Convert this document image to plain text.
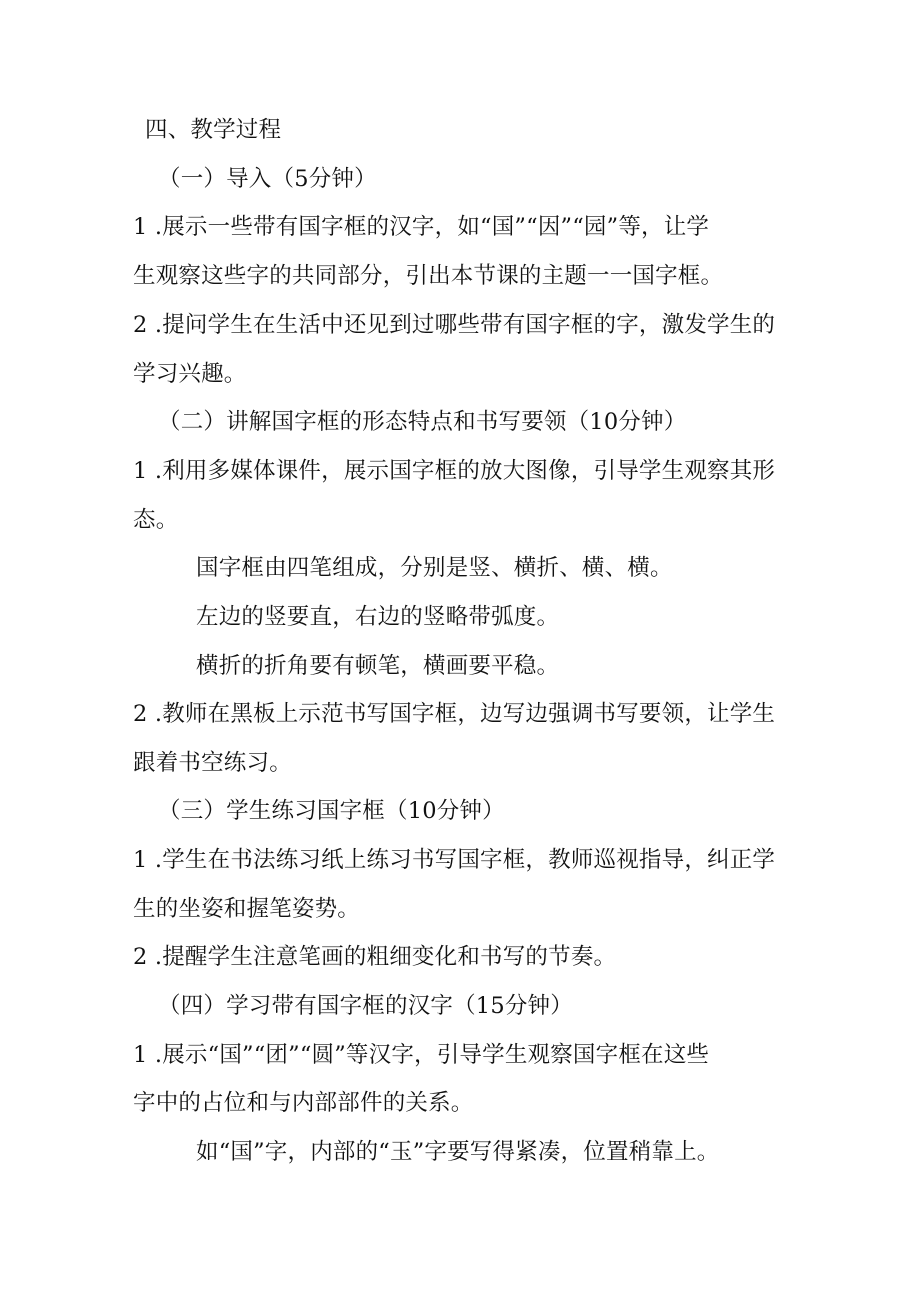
四、教学过程
（一）导入（5分钟）
1 .展示一些带有国字框的汉字，如“国”“因”“园”等，让学
生观察这些字的共同部分，引出本节课的主题一一国字框。
2 .提问学生在生活中还见到过哪些带有国字框的字，激发学生的
学习兴趣。
（二）讲解国字框的形态特点和书写要领（10分钟）
1 .利用多媒体课件，展示国字框的放大图像，引导学生观察其形
态。
国字框由四笔组成，分别是竖、横折、横、横。
左边的竖要直，右边的竖略带弧度。
横折的折角要有顿笔，横画要平稳。
2 .教师在黑板上示范书写国字框，边写边强调书写要领，让学生
跟着书空练习。
（三）学生练习国字框（10分钟）
1 .学生在书法练习纸上练习书写国字框，教师巡视指导，纠正学
生的坐姿和握笔姿势。
2 .提醒学生注意笔画的粗细变化和书写的节奏。
（四）学习带有国字框的汉字（15分钟）
1 .展示“国”“团”“圆”等汉字，引导学生观察国字框在这些
字中的占位和与内部部件的关系。
如“国”字，内部的“玉”字要写得紧凑，位置稍靠上。
